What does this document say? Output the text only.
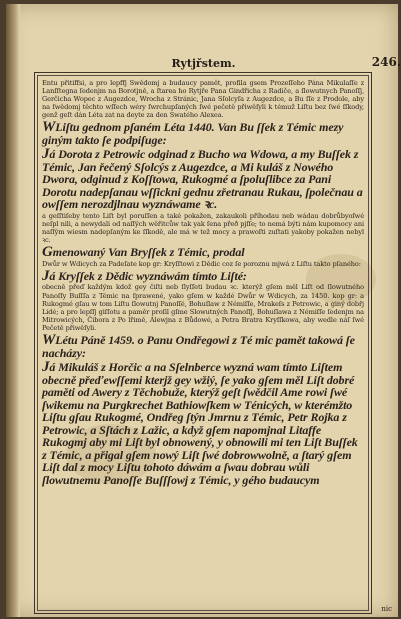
Rytjřstem.	246.

Entu přitiffsi, a pro lepffj Swědomj a budaucy pamět, profila gsem Prozeſſeho Pána Mikulaſſe z Lanſſtegna ſedenjm na Borotjně, a ſtarea ho Rytjře Pana Gindřicha z Radiče, a ſlowutnych Panoſſj, Gerčicha Wopec z Augezdce, Wrocha z Stránic, Jana Sſolcyſa z Augezdce, a Bu ſſe z Prodole, aby na ſwědomj těchto wſſech wéry ſwrchupſaných ſwé pečetě přiwěſyli k témuž Liſtu bez ſwé ſſkody, genž geſt dán Léta zat na deyte za den Swatého Alexea.

WLiſtu gednom pſaném Léta 1440. Van Bu ſſek z Témic mezy giným takto ſe podpiſuge:
Já Dorota z Petrowic odginad z Bucho wa Wdowa, a my Buſſek z Témic, Jan řečený Sſolcýs z Augezdce, a Mi kuláš z Nowého Dwora, odginud z Koſſtowa, Rukogmé a ſpoluſlibce za Pani Dorotu nadepſanau wſſickni gednu zřetranau Rukau, ſpolečnau a owſſem nerozdjlnau wyznáwame ꝛc.

a geſſtiſeby tento Liſt byl poruſſen a také pokažen, zakaukoli příhodau neb wádau dobrůbyoſwé neſpl nili, a newydali od naſſých wěřitcůw tak yak ſena přeð pjſſe; to nemá býti nám kupomocy ani naſſým wiesm nadepſaným ke ſſkodě, ale má w tež mocy a prawoſti zuſtati yakoby pokažen nebyl ꝛc.

Gmenowaný Van Bryſſek z Témic, prodal

Dwůr w Wdicych za Padeſate kop gr: Kryſſtowi z Dědic coz ſe poroznu mjwá z Liſtu takto pſaného:

Já Kryſſek z Dědic wyznáwám tímto Liſté:

obecně přeď každým kdož gey čiſti neb ſlyſſeti budau ꝛc. kterýž gſem měl Liſt od ſlowutného Panoſſy Buſſſa z Témic na ſprawené, yako gſem w každé Dwůr w Wdicych, za 1450. kop gr: a Rukogmé gſau w tom Liſtu ſlowutnj Panoſſé, Bohuſlaw z Némiſſe, Mrakeſs z Petrowic, a giný dobřj Lidé; a pro lepſſj giſſotu a paměr proſil gſme Slowutných Panoſſj, Bohuſlawa z Némiſſe ſedenjm na Mitrowicých, Čibora z Po lřimě, Alewjna z Bůdowé, a Petra Bratra Kryſſkowa, aby wedle náſ ſwé Pečetě přiwěſyli.

WLétu Páně 1459. o Panu Ondřegowi z Té mic pamět takowá ſe nacházy:
Já Mikuláš z Horčic a na Sſelnberce wyzná wam tímto Liſtem obecně přeďewſſemi kterjž gey wžiý, ſe yako gſem měl Liſt dobré paměti od Awery z Těchobuže, kterýž geſt ſwědčil Ame rowi ſwé ſwikemu na Purgkrechet Bathiowſkem w Ténicých, w kterémžto Liſtu gſau Rukogmé, Ondřeg ſtýn Jmrnu z Témic, Petr Rojka z Petrowic, a Sſtách z Lažic, a když gſem napomjnal Litaffe Rukogmj aby mi Liſt byl obnowený, y obnowili mi ten Liſt Buſſek z Témic, a přigal gſem nowý Liſt ſwé dobrowwolně, a ſtarý gſem Liſt dal z mocy Liſtu tohoto dáwám a ſwau dobrau wůli ſlowutnemu Panoſſe Buſſſowj z Témic, y gého budaucym
nic
